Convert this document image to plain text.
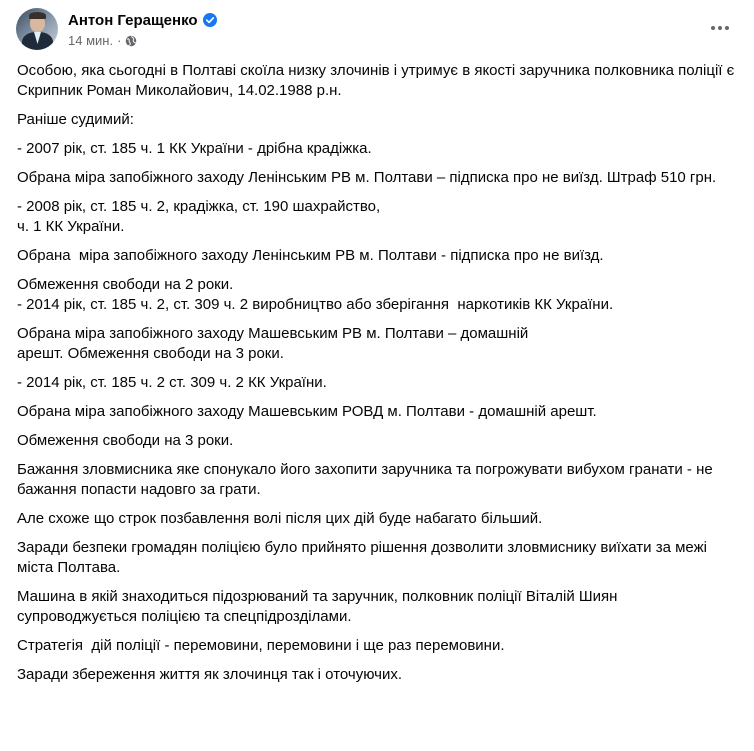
Антон Геращенко
14 мин. ·

Особою, яка сьогодні в Полтаві скоїла низку злочинів і утримує в якості заручника полковника поліції є Скрипник Роман Миколайович, 14.02.1988 р.н.

Раніше судимий:

- 2007 рік, ст. 185 ч. 1 КК України - дрібна крадіжка.

Обрана міра запобіжного заходу Ленінським РВ м. Полтави – підписка про не виїзд. Штраф 510 грн.

- 2008 рік, ст. 185 ч. 2, крадіжка, ст. 190 шахрайство,
ч. 1 КК України.

Обрана  міра запобіжного заходу Ленінським РВ м. Полтави - підписка про не виїзд.

Обмеження свободи на 2 роки.
- 2014 рік, ст. 185 ч. 2, ст. 309 ч. 2 виробництво або зберігання  наркотиків КК України.

Обрана міра запобіжного заходу Машевським РВ м. Полтави – домашній
арешт. Обмеження свободи на 3 роки.

- 2014 рік, ст. 185 ч. 2 ст. 309 ч. 2 КК України.

Обрана міра запобіжного заходу Машевським РОВД м. Полтави - домашній арешт.

Обмеження свободи на 3 роки.

Бажання зловмисника яке спонукало його захопити заручника та погрожувати вибухом гранати - не бажання попасти надовго за грати.

Але схоже що строк позбавлення волі після цих дій буде набагато більший.

Заради безпеки громадян поліцією було прийнято рішення дозволити зловмиснику виїхати за межі міста Полтава.

Машина в якій знаходиться підозрюваний та заручник, полковник поліції Віталій Шиян супроводжується поліцією та спецпідрозділами.

Стратегія  дій поліції - перемовини, перемовини і ще раз перемовини.

Заради збереження життя як злочинця так і оточуючих.
